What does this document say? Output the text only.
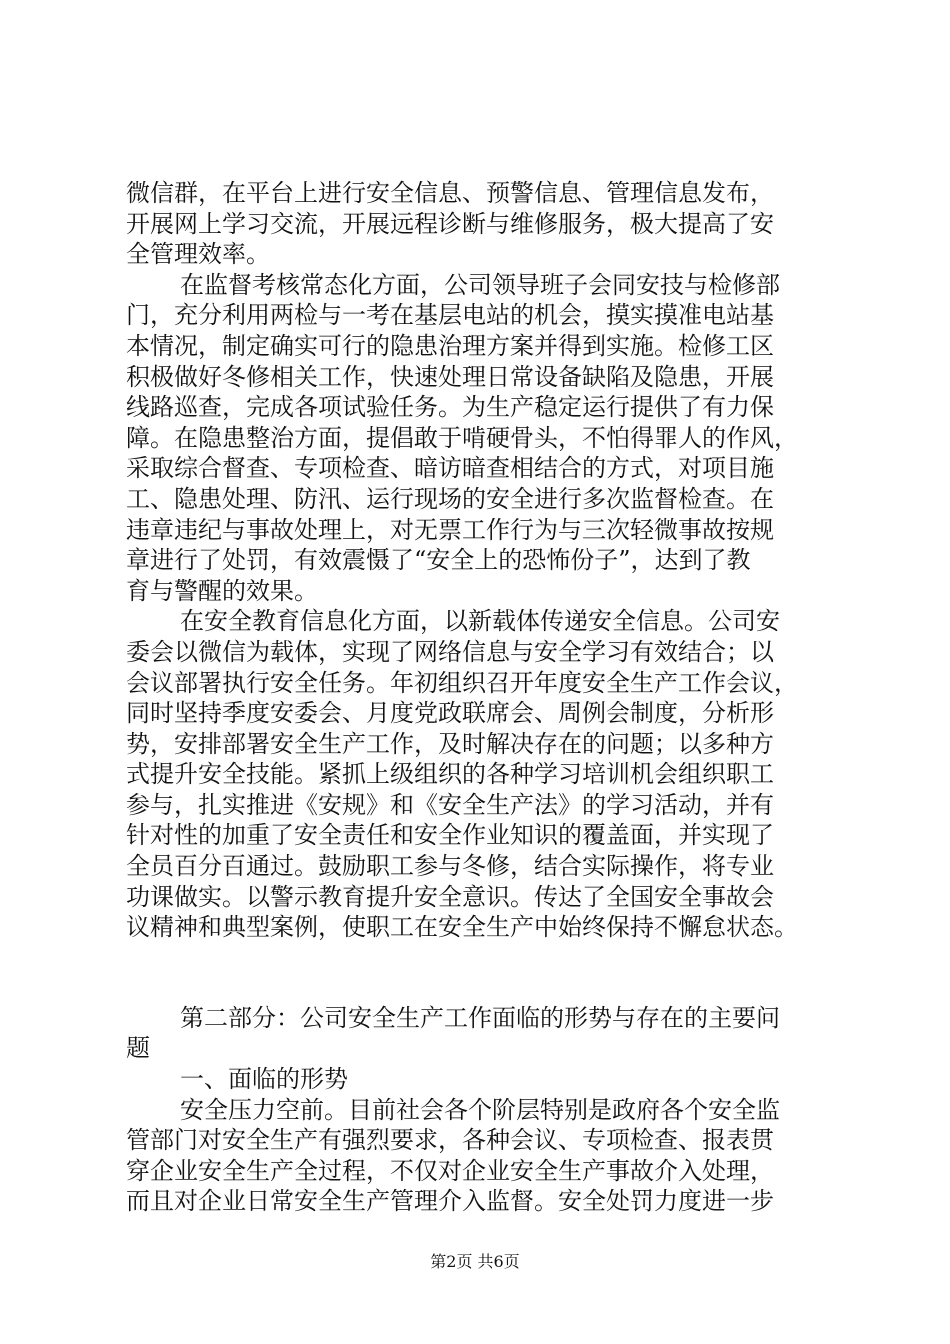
微信群，在平台上进行安全信息、预警信息、管理信息发布，
开展网上学习交流，开展远程诊断与维修服务，极大提高了安
全管理效率。
在监督考核常态化方面，公司领导班子会同安技与检修部
门，充分利用两检与一考在基层电站的机会，摸实摸准电站基
本情况，制定确实可行的隐患治理方案并得到实施。检修工区
积极做好冬修相关工作，快速处理日常设备缺陷及隐患，开展
线路巡查，完成各项试验任务。为生产稳定运行提供了有力保
障。在隐患整治方面，提倡敢于啃硬骨头，不怕得罪人的作风，
采取综合督查、专项检查、暗访暗查相结合的方式，对项目施
工、隐患处理、防汛、运行现场的安全进行多次监督检查。在
违章违纪与事故处理上，对无票工作行为与三次轻微事故按规
章进行了处罚，有效震慑了“安全上的恐怖份子”，达到了教
育与警醒的效果。
在安全教育信息化方面，以新载体传递安全信息。公司安
委会以微信为载体，实现了网络信息与安全学习有效结合；以
会议部署执行安全任务。年初组织召开年度安全生产工作会议，
同时坚持季度安委会、月度党政联席会、周例会制度，分析形
势，安排部署安全生产工作，及时解决存在的问题；以多种方
式提升安全技能。紧抓上级组织的各种学习培训机会组织职工
参与，扎实推进《安规》和《安全生产法》的学习活动，并有
针对性的加重了安全责任和安全作业知识的覆盖面，并实现了
全员百分百通过。鼓励职工参与冬修，结合实际操作，将专业
功课做实。以警示教育提升安全意识。传达了全国安全事故会
议精神和典型案例，使职工在安全生产中始终保持不懈怠状态。
第二部分：公司安全生产工作面临的形势与存在的主要问
题
一、面临的形势
安全压力空前。目前社会各个阶层特别是政府各个安全监
管部门对安全生产有强烈要求，各种会议、专项检查、报表贯
穿企业安全生产全过程，不仅对企业安全生产事故介入处理，
而且对企业日常安全生产管理介入监督。安全处罚力度进一步
第2页 共6页
